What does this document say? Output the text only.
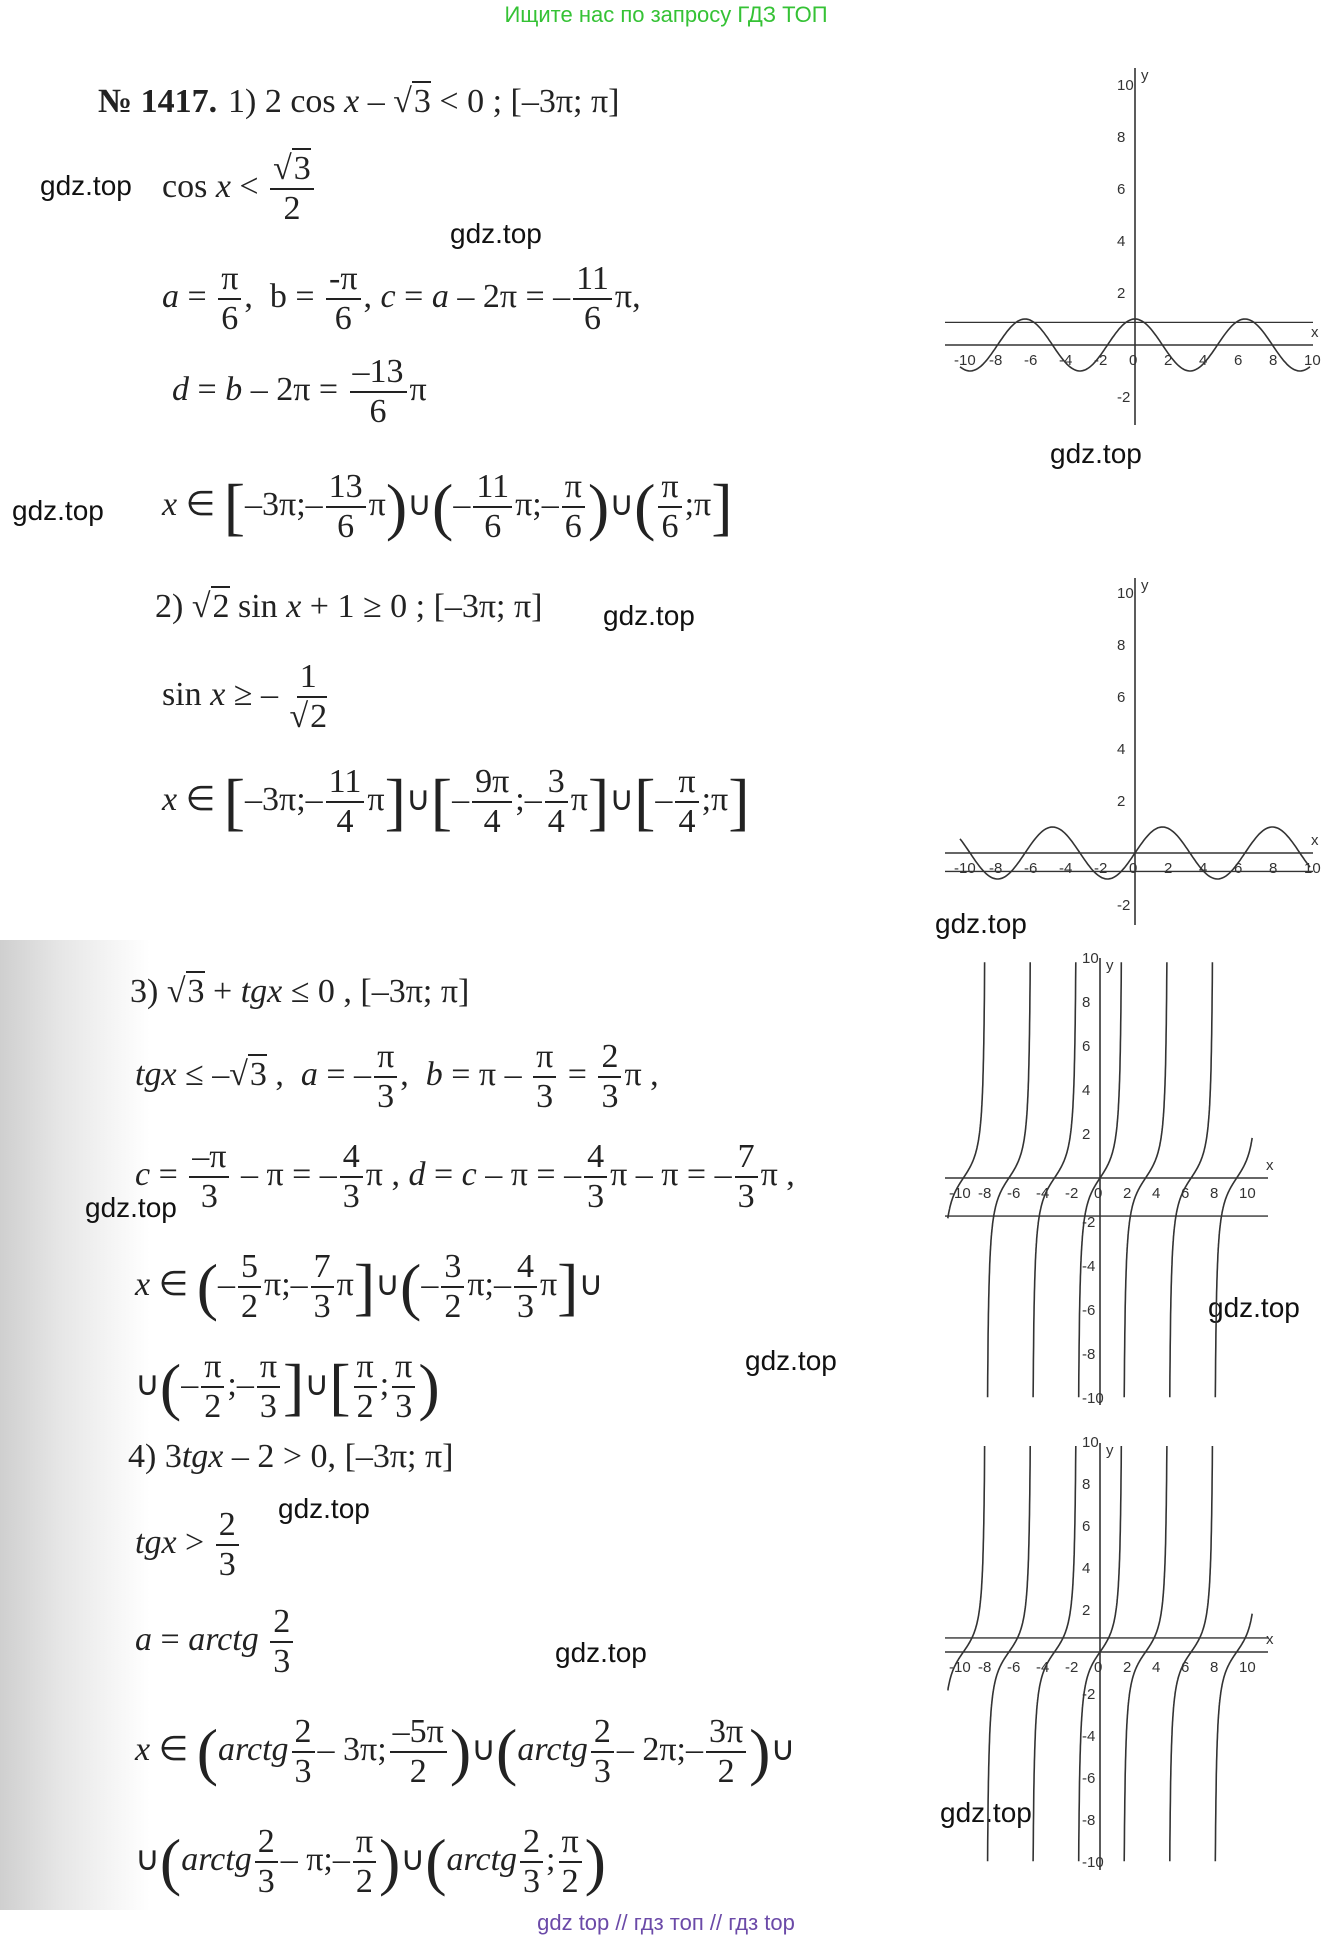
Ищите нас по запросу ГДЗ ТОП
№ 1417. 1) 2 cos x – √3 < 0 ; [–3π; π]
$\cos x < \frac{√3}{2}$
$a = \frac{\pi}{6}$ ,  $b = \frac{-\pi}{6}$ , c = a – 2π = – $\frac{11}{6} \pi$,
$d = b - 2\pi = \frac{-13}{6}$ π
x ∈ [–3π;– $\frac{13}{6}$ π)∪(– $\frac{11}{6}$ π;– $\frac{\pi}{6}$ )∪( $\frac{\pi}{6}$ ;π]
2) √2 sin x + 1 ≥ 0 ; [–3π; π]
sin x ≥ – $\frac{1}{√2}$
x ∈ [–3π;– $\frac{11}{4}$ π]∪[– $\frac{9\pi}{4}$ ;– $\frac{3}{4}$ π]∪[– $\frac{\pi}{4}$ ;π]
3) √3 + tgx ≤ 0 , [–3π; π]
tgx ≤ –√3 ,  a = – $\frac{\pi}{3}$ ,  $b = \pi - \frac{\pi}{3} = \frac{2}{3}$ π ,
$c = \frac{-\pi}{3} - \pi$ = – $\frac{4}{3}$ π , d = c – π = – $\frac{4}{3}$ π – π = – $\frac{7}{3}$ π ,
x ∈ (– $\frac{5}{2}$ π;– $\frac{7}{3}$ π]∪(– $\frac{3}{2}$ π;– $\frac{4}{3}$ π]∪
∪(– $\frac{\pi}{2}$ ;– $\frac{\pi}{3}$ ]∪[ $\frac{\pi}{2}$ ; $\frac{\pi}{3}$ )
4) 3tgx – 2 > 0, [–3π; π]
tgx > $\frac{2}{3}$
a = arctg $\frac{2}{3}$
x ∈ (arctg $\frac{2}{3} - 3\pi$; $\frac{-5\pi}{2}$ )∪(arctg $\frac{2}{3}$ – 2π;– $\frac{3\pi}{2}$ )∪
∪(arctg $\frac{2}{3}$ – π;– $\frac{\pi}{2}$ )∪(arctg $\frac{2}{3}$ ; $\frac{\pi}{2}$ )
gdz.top
gdz.top
gdz.top
gdz.top
gdz.top
gdz.top
gdz.top
gdz.top
gdz.top
gdz.top
gdz.top
gdz.top
x
y
-10 -8 -6 -4 -2 0 2 4 6 8 10
10
8
6
4
2
-2
x
y
-10 -8 -6 -4 -2 0 2 4 6 8 10
10
8
6
4
2
-2
x
y
-10 -8 -6 -4 -2 0 2 4 6 8 10
10
8
6
4
2
-2
-4
-6
-8
-10
x
y
-10 -8 -6 -4 -2 0 2 4 6 8 10
10
8
6
4
2
-2
-4
-6
-8
-10
gdz top // гдз топ // гдз top
